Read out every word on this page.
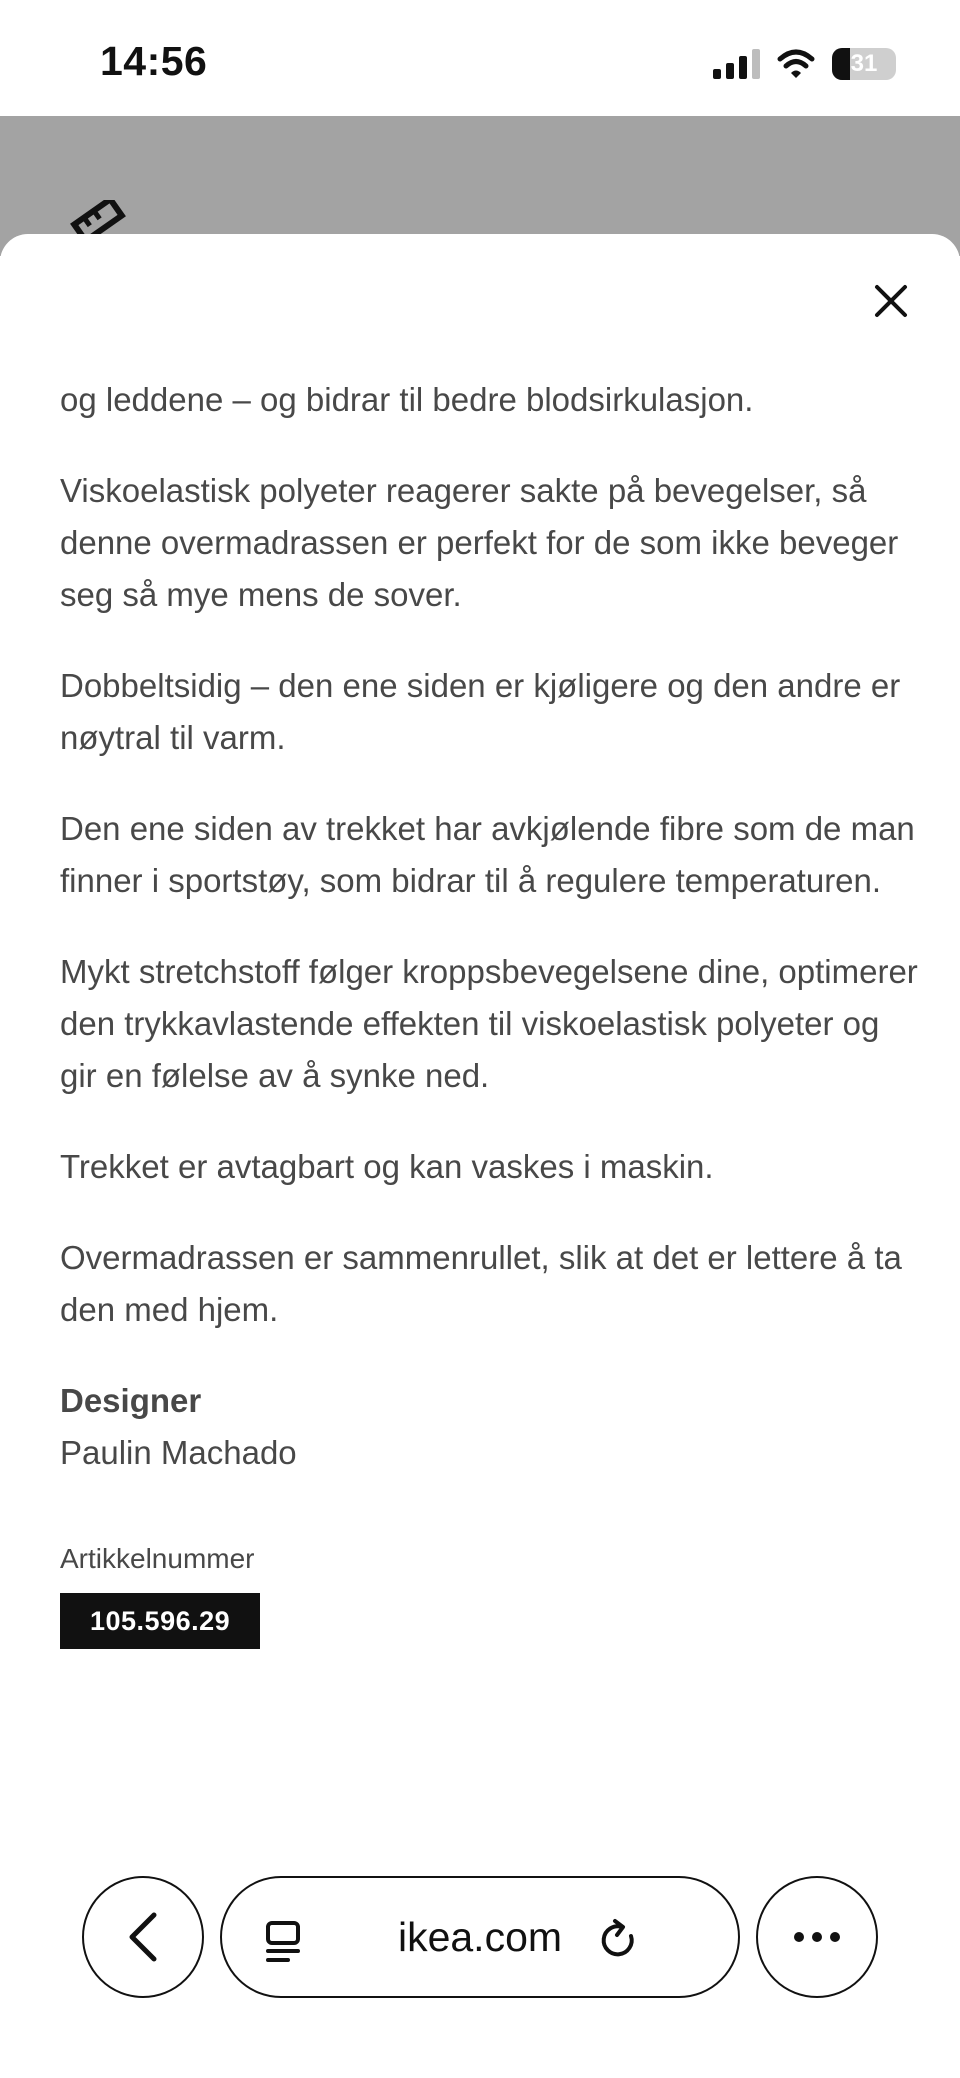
14:56	31

og leddene – og bidrar til bedre blodsirkulasjon.

Viskoelastisk polyeter reagerer sakte på bevegelser, så denne overmadrassen er perfekt for de som ikke beveger seg så mye mens de sover.

Dobbeltsidig – den ene siden er kjøligere og den andre er nøytral til varm.

Den ene siden av trekket har avkjølende fibre som de man finner i sportstøy, som bidrar til å regulere temperaturen.

Mykt stretchstoff følger kroppsbevegelsene dine, optimerer den trykkavlastende effekten til viskoelastisk polyeter og gir en følelse av å synke ned.

Trekket er avtagbart og kan vaskes i maskin.

Overmadrassen er sammenrullet, slik at det er lettere å ta den med hjem.

Designer
Paulin Machado
Artikkelnummer
105.596.29
ikea.com
